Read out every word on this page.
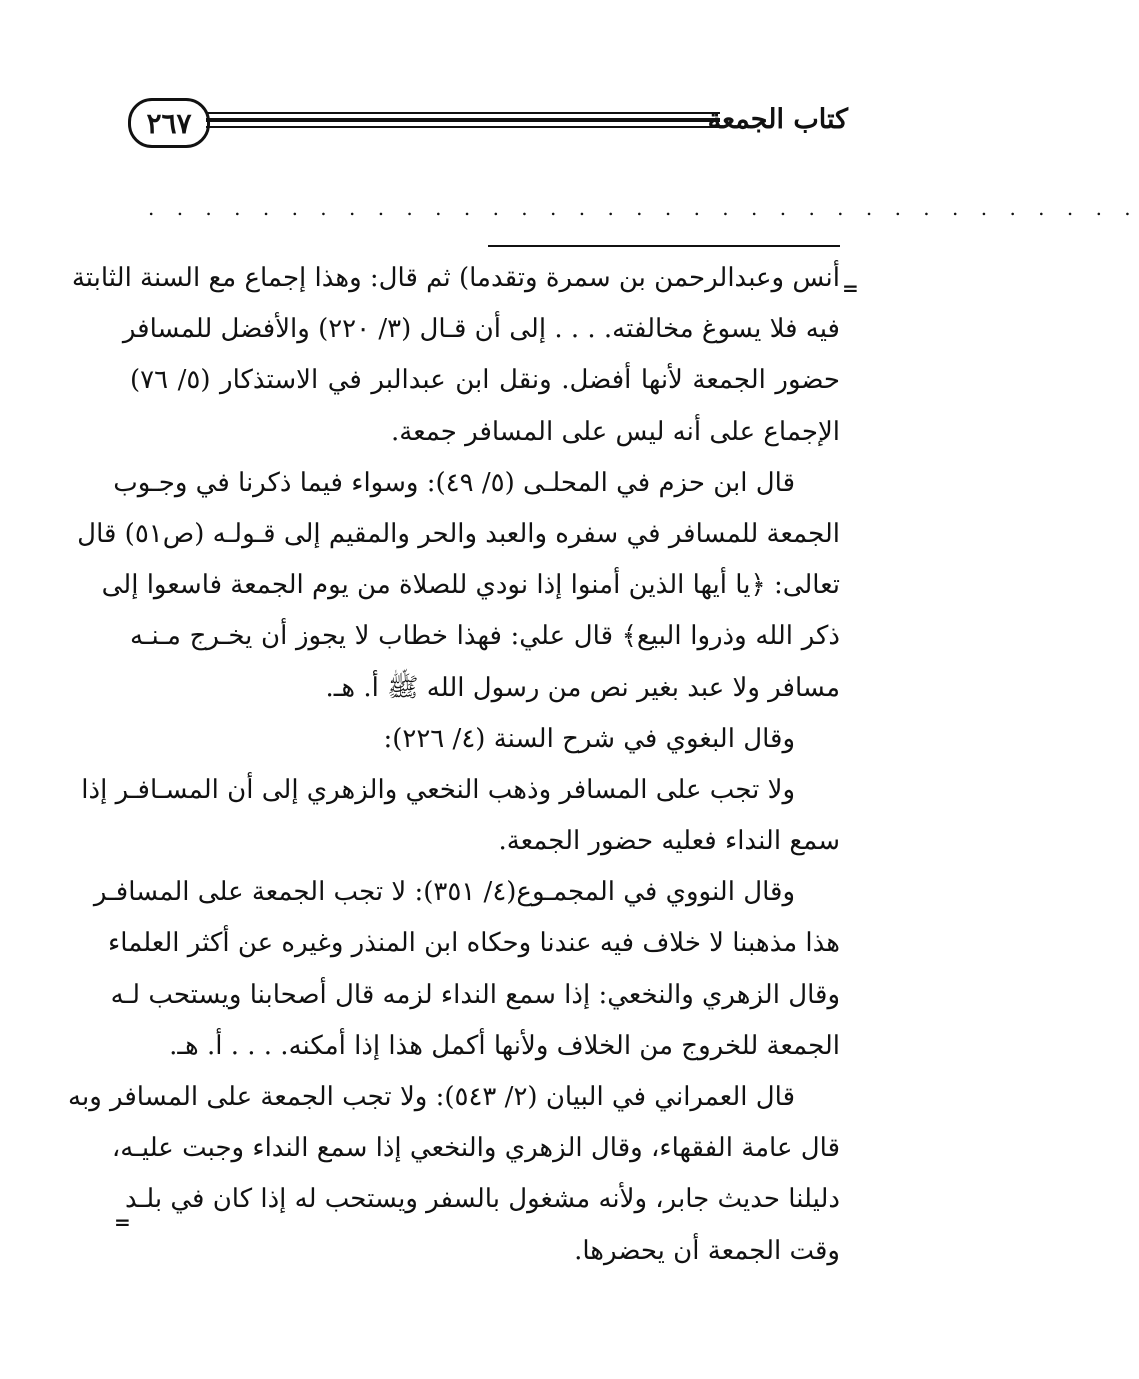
٢٦٧	كتاب الجمعة
. . . . . . . . . . . . . . . . . . . . . . . . . . . . . . . . . . .
=
=
أنس وعبدالرحمن بن سمرة وتقدما) ثم قال: وهذا إجماع مع السنة الثابتة
فيه فلا يسوغ مخالفته. . . . إلى أن قـال (٣/ ٢٢٠) والأفضل للمسافر
حضور الجمعة لأنها أفضل. ونقل ابن عبدالبر في الاستذكار (٥/ ٧٦)
الإجماع على أنه ليس على المسافر جمعة.
قال ابن حزم في المحلـى (٥/ ٤٩): وسواء فيما ذكرنا في وجـوب
الجمعة للمسافر في سفره والعبد والحر والمقيم إلى قـولـه (ص٥١) قال
تعالى: ﴿يا أيها الذين أمنوا إذا نودي للصلاة من يوم الجمعة فاسعوا إلى
ذكر الله وذروا البيع﴾ قال علي: فهذا خطاب لا يجوز أن يخـرج مـنـه
مسافر ولا عبد بغير نص من رسول الله ﷺ أ. هـ.
وقال البغوي في شرح السنة (٤/ ٢٢٦):
ولا تجب على المسافر وذهب النخعي والزهري إلى أن المسـافـر إذا
سمع النداء فعليه حضور الجمعة.
وقال النووي في المجمـوع(٤/ ٣٥١): لا تجب الجمعة على المسافـر
هذا مذهبنا لا خلاف فيه عندنا وحكاه ابن المنذر وغيره عن أكثر العلماء
وقال الزهري والنخعي: إذا سمع النداء لزمه قال أصحابنا ويستحب لـه
الجمعة للخروج من الخلاف ولأنها أكمل هذا إذا أمكنه. . . . أ. هـ.
قال العمراني في البيان (٢/ ٥٤٣): ولا تجب الجمعة على المسافر وبه
قال عامة الفقهاء، وقال الزهري والنخعي إذا سمع النداء وجبت عليـه،
دليلنا حديث جابر، ولأنه مشغول بالسفر ويستحب له إذا كان في بلـد
وقت الجمعة أن يحضرها.
